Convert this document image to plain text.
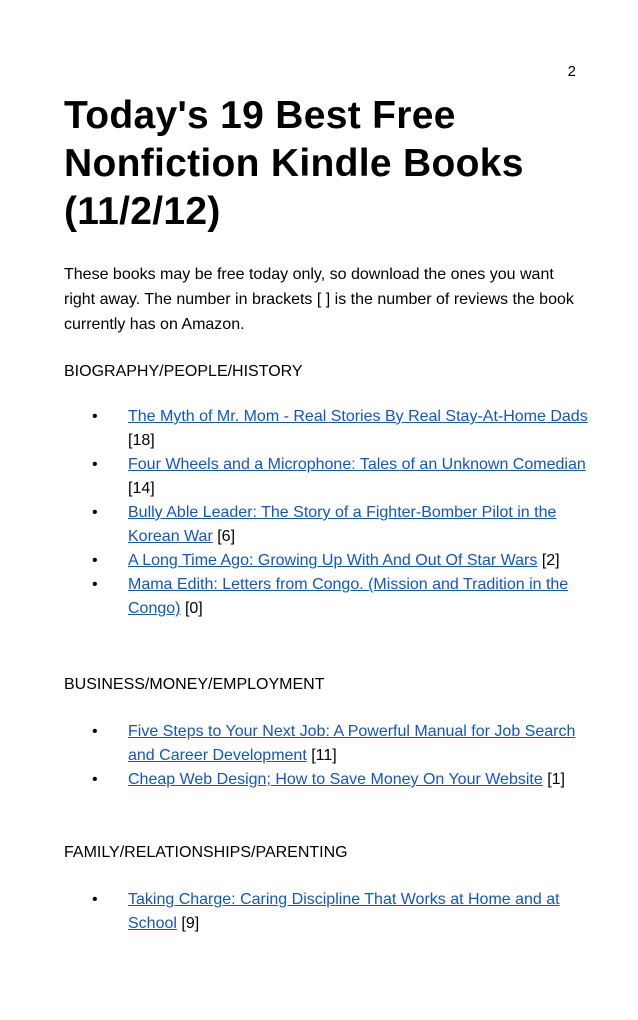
2
Today's 19 Best Free Nonfiction Kindle Books (11/2/12)

These books may be free today only, so download the ones you want right away. The number in brackets [ ] is the number of reviews the book currently has on Amazon.

BIOGRAPHY/PEOPLE/HISTORY

• The Myth of Mr. Mom - Real Stories By Real Stay-At-Home Dads [18]
• Four Wheels and a Microphone: Tales of an Unknown Comedian [14]
• Bully Able Leader: The Story of a Fighter-Bomber Pilot in the Korean War [6]
• A Long Time Ago: Growing Up With And Out Of Star Wars [2]
• Mama Edith: Letters from Congo. (Mission and Tradition in the Congo) [0]

BUSINESS/MONEY/EMPLOYMENT

• Five Steps to Your Next Job: A Powerful Manual for Job Search and Career Development [11]
• Cheap Web Design; How to Save Money On Your Website [1]

FAMILY/RELATIONSHIPS/PARENTING

• Taking Charge: Caring Discipline That Works at Home and at School [9]
